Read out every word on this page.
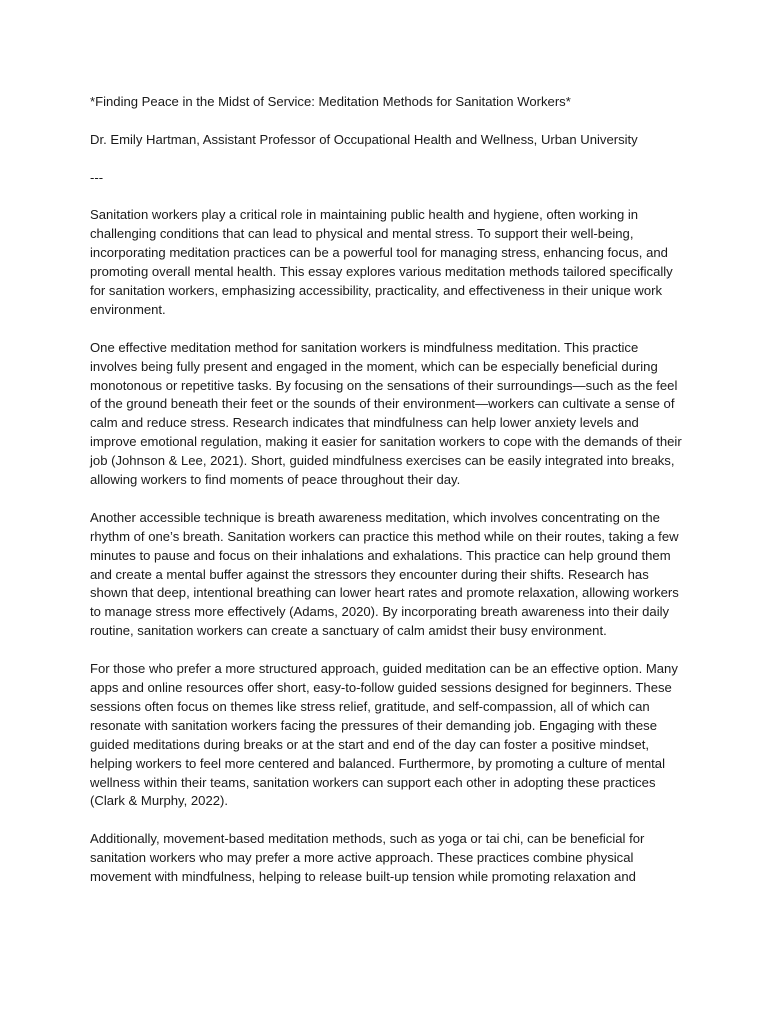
*Finding Peace in the Midst of Service: Meditation Methods for Sanitation Workers*

Dr. Emily Hartman, Assistant Professor of Occupational Health and Wellness, Urban University

---

Sanitation workers play a critical role in maintaining public health and hygiene, often working in challenging conditions that can lead to physical and mental stress. To support their well-being, incorporating meditation practices can be a powerful tool for managing stress, enhancing focus, and promoting overall mental health. This essay explores various meditation methods tailored specifically for sanitation workers, emphasizing accessibility, practicality, and effectiveness in their unique work environment.

One effective meditation method for sanitation workers is mindfulness meditation. This practice involves being fully present and engaged in the moment, which can be especially beneficial during monotonous or repetitive tasks. By focusing on the sensations of their surroundings—such as the feel of the ground beneath their feet or the sounds of their environment—workers can cultivate a sense of calm and reduce stress. Research indicates that mindfulness can help lower anxiety levels and improve emotional regulation, making it easier for sanitation workers to cope with the demands of their job (Johnson & Lee, 2021). Short, guided mindfulness exercises can be easily integrated into breaks, allowing workers to find moments of peace throughout their day.

Another accessible technique is breath awareness meditation, which involves concentrating on the rhythm of one’s breath. Sanitation workers can practice this method while on their routes, taking a few minutes to pause and focus on their inhalations and exhalations. This practice can help ground them and create a mental buffer against the stressors they encounter during their shifts. Research has shown that deep, intentional breathing can lower heart rates and promote relaxation, allowing workers to manage stress more effectively (Adams, 2020). By incorporating breath awareness into their daily routine, sanitation workers can create a sanctuary of calm amidst their busy environment.

For those who prefer a more structured approach, guided meditation can be an effective option. Many apps and online resources offer short, easy-to-follow guided sessions designed for beginners. These sessions often focus on themes like stress relief, gratitude, and self-compassion, all of which can resonate with sanitation workers facing the pressures of their demanding job. Engaging with these guided meditations during breaks or at the start and end of the day can foster a positive mindset, helping workers to feel more centered and balanced. Furthermore, by promoting a culture of mental wellness within their teams, sanitation workers can support each other in adopting these practices (Clark & Murphy, 2022).

Additionally, movement-based meditation methods, such as yoga or tai chi, can be beneficial for sanitation workers who may prefer a more active approach. These practices combine physical movement with mindfulness, helping to release built-up tension while promoting relaxation and
